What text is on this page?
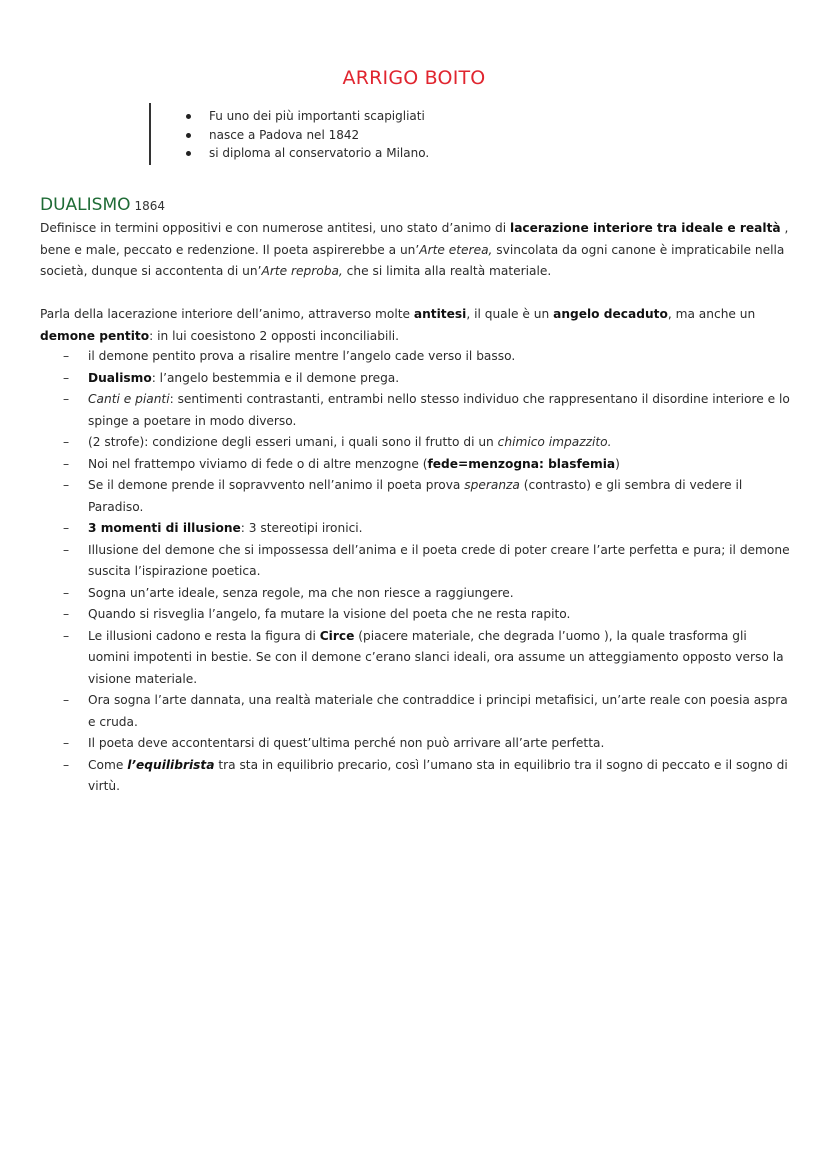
ARRIGO BOITO
Fu uno dei più importanti scapigliati
nasce a Padova nel 1842
si diploma al conservatorio a Milano.
DUALISMO 1864

Definisce in termini oppositivi e con numerose antitesi, uno stato d’animo di lacerazione interiore tra ideale e realtà , bene e male, peccato e redenzione. Il poeta aspirerebbe a un’Arte eterea, svincolata da ogni canone è impraticabile nella società, dunque si accontenta di un’Arte reproba, che si limita alla realtà materiale.

Parla della lacerazione interiore dell’animo, attraverso molte antitesi, il quale è un angelo decaduto, ma anche un demone pentito: in lui coesistono 2 opposti inconciliabili.

– il demone pentito prova a risalire mentre l’angelo cade verso il basso.
– Dualismo: l’angelo bestemmia e il demone prega.
– Canti e pianti: sentimenti contrastanti, entrambi nello stesso individuo che rappresentano il disordine interiore e lo spinge a poetare in modo diverso.
– (2 strofe): condizione degli esseri umani, i quali sono il frutto di un chimico impazzito.
– Noi nel frattempo viviamo di fede o di altre menzogne (fede=menzogna: blasfemia)
– Se il demone prende il sopravvento nell’animo il poeta prova speranza (contrasto) e gli sembra di vedere il Paradiso.
– 3 momenti di illusione: 3 stereotipi ironici.
– Illusione del demone che si impossessa dell’anima e il poeta crede di poter creare l’arte perfetta e pura; il demone suscita l’ispirazione poetica.
– Sogna un’arte ideale, senza regole, ma che non riesce a raggiungere.
– Quando si risveglia l’angelo, fa mutare la visione del poeta che ne resta rapito.
– Le illusioni cadono e resta la figura di Circe (piacere materiale, che degrada l’uomo ), la quale trasforma gli uomini impotenti in bestie. Se con il demone c’erano slanci ideali, ora assume un atteggiamento opposto verso la visione materiale.
– Ora sogna l’arte dannata, una realtà materiale che contraddice i principi metafisici, un’arte reale con poesia aspra e cruda.
– Il poeta deve accontentarsi di quest’ultima perché non può arrivare all’arte perfetta.
– Come l’equilibrista tra sta in equilibrio precario, così l’umano sta in equilibrio tra il sogno di peccato e il sogno di virtù.
